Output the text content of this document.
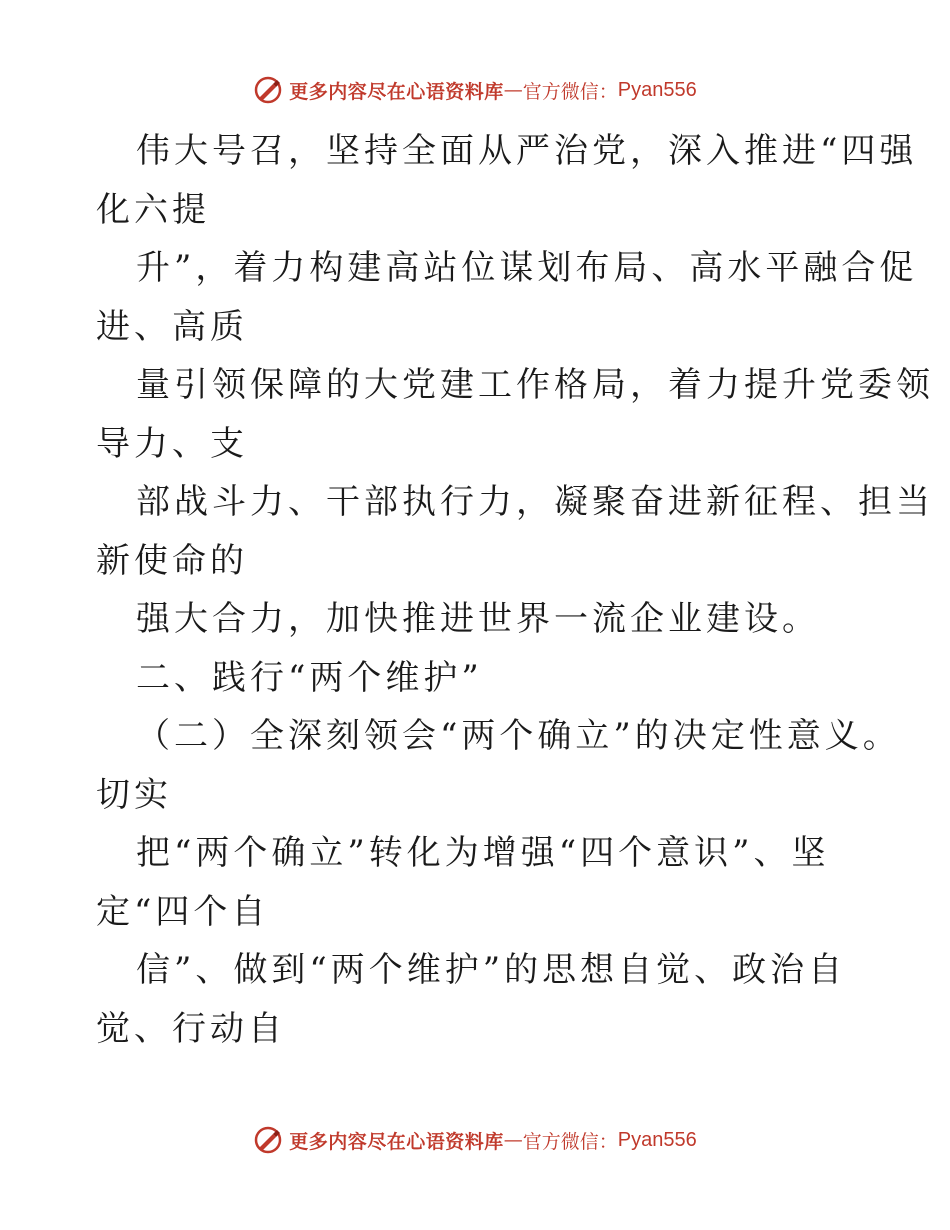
更多内容尽在心语资料库 — 官方微信： Pyan556
伟大号召，坚持全面从严治党，深入推进“四强
化六提
升”，着力构建高站位谋划布局、高水平融合促
进、高质
量引领保障的大党建工作格局，着力提升党委领
导力、支
部战斗力、干部执行力，凝聚奋进新征程、担当
新使命的
强大合力，加快推进世界一流企业建设。
二、践行“两个维护”
（二）全深刻领会“两个确立”的决定性意义。
切实
把“两个确立”转化为增强“四个意识”、坚
定“四个自
信”、做到“两个维护”的思想自觉、政治自
觉、行动自
更多内容尽在心语资料库 — 官方微信： Pyan556
